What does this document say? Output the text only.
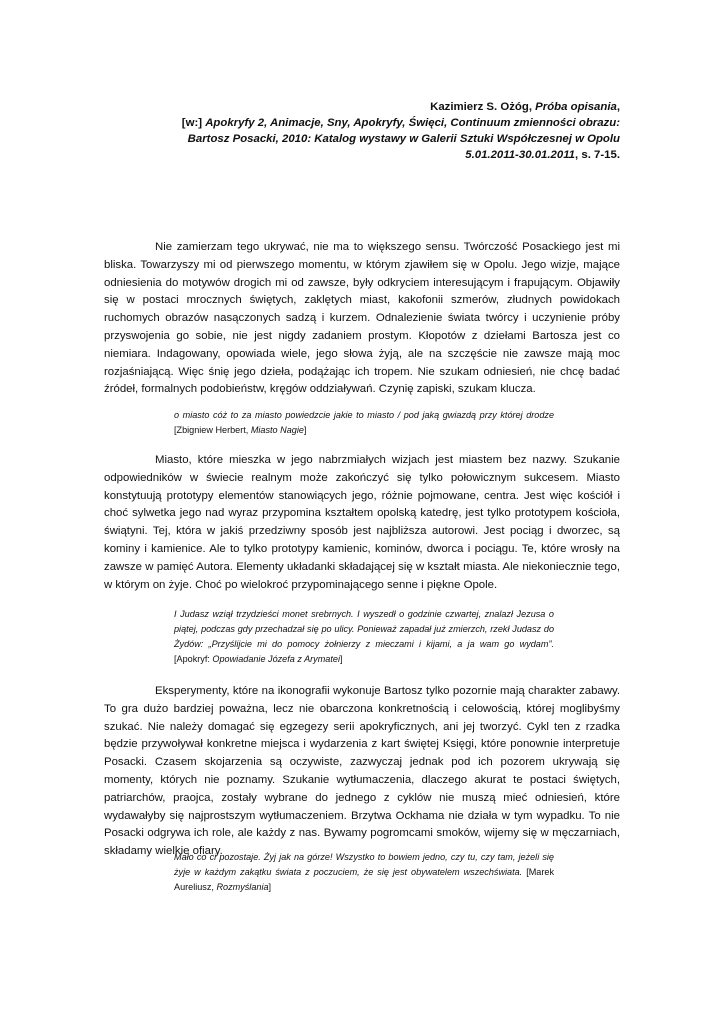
Kazimierz S. Ożóg, Próba opisania,
[w:] Apokryfy 2, Animacje, Sny, Apokryfy, Święci, Continuum zmienności obrazu:
Bartosz Posacki, 2010: Katalog wystawy w Galerii Sztuki Współczesnej w Opolu
5.01.2011-30.01.2011, s. 7-15.

Nie zamierzam tego ukrywać, nie ma to większego sensu. Twórczość Posackiego jest mi bliska. Towarzyszy mi od pierwszego momentu, w którym zjawiłem się w Opolu. Jego wizje, mające odniesienia do motywów drogich mi od zawsze, były odkryciem interesującym i frapującym. Objawiły się w postaci mrocznych świętych, zaklętych miast, kakofonii szmerów, złudnych powidokach ruchomych obrazów nasączonych sadzą i kurzem. Odnalezienie świata twórcy i uczynienie próby przyswojenia go sobie, nie jest nigdy zadaniem prostym. Kłopotów z dziełami Bartosza jest co niemiara. Indagowany, opowiada wiele, jego słowa żyją, ale na szczęście nie zawsze mają moc rozjaśniającą. Więc śnię jego dzieła, podążając ich tropem. Nie szukam odniesień, nie chcę badać źródeł, formalnych podobieństw, kręgów oddziaływań. Czynię zapiski, szukam klucza.

o miasto cóż to za miasto powiedzcie jakie to miasto / pod jaką gwiazdą przy której drodze [Zbigniew Herbert, Miasto Nagie]

Miasto, które mieszka w jego nabrzmiałych wizjach jest miastem bez nazwy. Szukanie odpowiedników w świecie realnym może zakończyć się tylko połowicznym sukcesem. Miasto konstytuują prototypy elementów stanowiących jego, różnie pojmowane, centra. Jest więc kościół i choć sylwetka jego nad wyraz przypomina kształtem opolską katedrę, jest tylko prototypem kościoła, świątyni. Tej, która w jakiś przedziwny sposób jest najbliższa autorowi. Jest pociąg i dworzec, są kominy i kamienice. Ale to tylko prototypy kamienic, kominów, dworca i pociągu. Te, które wrosły na zawsze w pamięć Autora. Elementy układanki składającej się w kształt miasta. Ale niekoniecznie tego, w którym on żyje. Choć po wielokroć przypominającego senne i piękne Opole.

I Judasz wziął trzydzieści monet srebrnych. I wyszedł o godzinie czwartej, znalazł Jezusa o piątej, podczas gdy przechadzał się po ulicy. Ponieważ zapadał już zmierzch, rzekł Judasz do Żydów: „Przyślijcie mi do pomocy żołnierzy z mieczami i kijami, a ja wam go wydam”. [Apokryf: Opowiadanie Józefa z Arymatei]

Eksperymenty, które na ikonografii wykonuje Bartosz tylko pozornie mają charakter zabawy. To gra dużo bardziej poważna, lecz nie obarczona konkretnością i celowością, której moglibyśmy szukać. Nie należy domagać się egzegezy serii apokryficznych, ani jej tworzyć. Cykl ten z rzadka będzie przywoływał konkretne miejsca i wydarzenia z kart świętej Księgi, które ponownie interpretuje Posacki. Czasem skojarzenia są oczywiste, zazwyczaj jednak pod ich pozorem ukrywają się momenty, których nie poznamy. Szukanie wytłumaczenia, dlaczego akurat te postaci świętych, patriarchów, praojca, zostały wybrane do jednego z cyklów nie muszą mieć odniesień, które wydawałyby się najprostszym wytłumaczeniem. Brzytwa Ockhama nie działa w tym wypadku. To nie Posacki odgrywa ich role, ale każdy z nas. Bywamy pogromcami smoków, wijemy się w męczarniach, składamy wielkie ofiary.

Mało co ci pozostaje. Żyj jak na górze! Wszystko to bowiem jedno, czy tu, czy tam, jeżeli się żyje w każdym zakątku świata z poczuciem, że się jest obywatelem wszechświata. [Marek Aureliusz, Rozmyślania]
